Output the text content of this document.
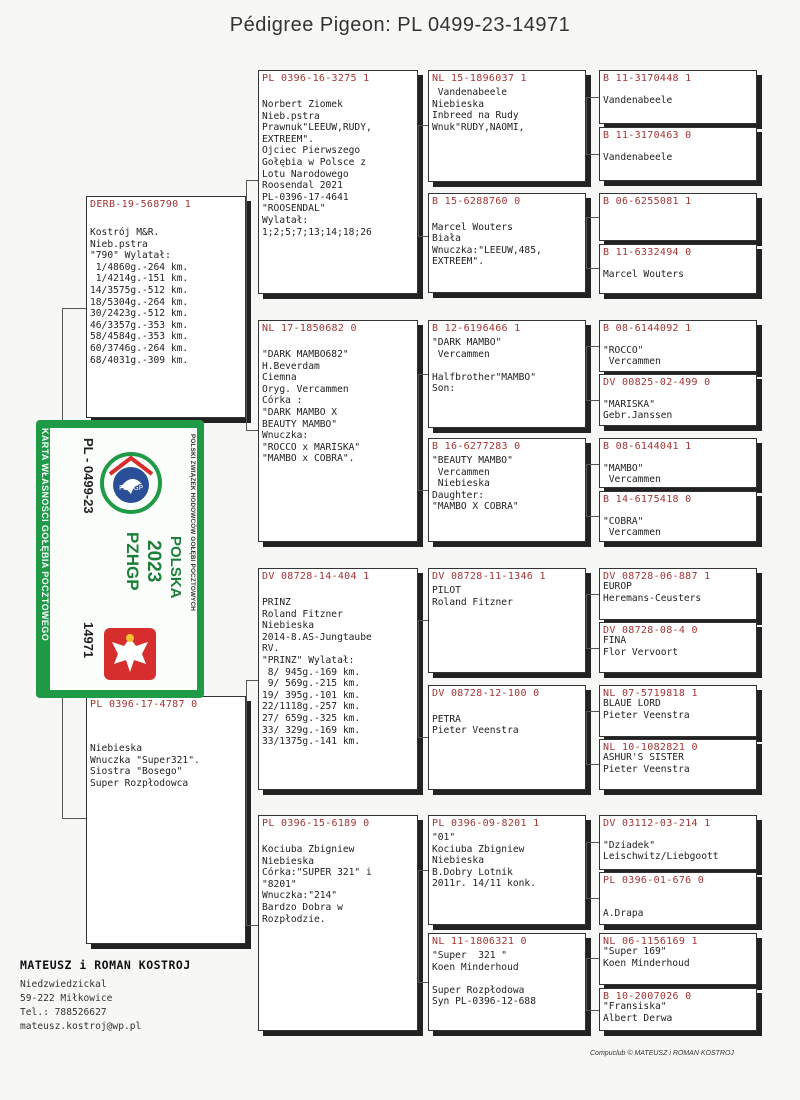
Pédigree Pigeon: PL 0499-23-14971
DERB-19-568790 1
Kostrój M&R.
Nieb.pstra
"790" Wylatał:
1/4860g.-264 km.
1/4214g.-151 km.
14/3575g.-512 km.
18/5304g.-264 km.
30/2423g.-512 km.
46/3357g.-353 km.
58/4584g.-353 km.
60/3746g.-264 km.
68/4031g.-309 km.
PL 0396-17-4787 0
Niebieska
Wnuczka "Super321".
Siostra "Bosego"
Super Rozpłodowca
PL 0396-16-3275 1
Norbert Ziomek
Nieb.pstra
Prawnuk"LEEUW,RUDY,
EXTREEM".
Ojciec Pierwszego
Gołębia w Polsce z
Lotu Narodowego
Roosendal 2021
PL-0396-17-4641
"ROOSENDAL"
Wylatał:
1;2;5;7;13;14;18;26
NL 17-1850682 0
"DARK MAMBO682"
H.Beverdam
Ciemna
Oryg. Vercammen
Córka :
"DARK MAMBO X
BEAUTY MAMBO"
Wnuczka:
"ROCCO x MARISKA"
"MAMBO x COBRA".
DV 08728-14-404 1
PRINZ
Roland Fitzner
Niebieska
2014-8.AS-Jungtaube
RV.
"PRINZ" Wylatał:
8/ 945g.-169 km.
9/ 569g.-215 km.
19/ 395g.-101 km.
22/1118g.-257 km.
27/ 659g.-325 km.
33/ 329g.-169 km.
33/1375g.-141 km.
PL 0396-15-6189 0
Kociuba Zbigniew
Niebieska
Córka:"SUPER 321" i
"8201"
Wnuczka:"214"
Bardzo Dobra w
Rozpłodzie.
NL 15-1896037 1
Vandenabeele
Niebieska
Inbreed na Rudy
Wnuk"RUDY,NAOMI,
B 15-6288760 0
Marcel Wouters
Biała
Wnuczka:"LEEUW,485,
EXTREEM".
B 12-6196466 1
"DARK MAMBO"
Vercammen
Halfbrother"MAMBO"
Son:
B 16-6277283 0
"BEAUTY MAMBO"
Vercammen
Niebieska
Daughter:
"MAMBO X COBRA"
DV 08728-11-1346 1
PILOT
Roland Fitzner
DV 08728-12-100 0
PETRA
Pieter Veenstra
PL 0396-09-8201 1
"01"
Kociuba Zbigniew
Niebieska
B.Dobry Lotnik
2011r. 14/11 konk.
NL 11-1806321 0
"Super  321 "
Koen Minderhoud
Super Rozpłodowa
Syn PL-0396-12-688
B 11-3170448 1
Vandenabeele
B 11-3170463 0
Vandenabeele
B 06-6255081 1
B 11-6332494 0
Marcel Wouters
B 08-6144092 1
"ROCCO"
Vercammen
DV 00825-02-499 0
"MARISKA"
Gebr.Janssen
B 08-6144041 1
"MAMBO"
Vercammen
B 14-6175418 0
"COBRA"
Vercammen
DV 08728-06-887 1
EUROP
Heremans-Ceusters
DV 08728-08-4 0
FINA
Flor Vervoort
NL 07-5719818 1
BLAUE LORD
Pieter Veenstra
NL 10-1082821 0
ASHUR'S SISTER
Pieter Veenstra
DV 03112-03-214 1
"Dziadek"
Leischwitz/Liebgoott
PL 0396-01-676 0
A.Drapa
NL 06-1156169 1
"Super 169"
Koen Minderhoud
B 10-2007026 0
"Fransiska"
Albert Derwa
POLSKI ZWIĄZEK HODOWCÓW GOŁĘBI POCZTOWYCH
POLSKA
2023
PZHGP
PL - 0499-23
14971
PZHGP
KARTA WŁASNOŚCI GOŁĘBIA POCZTOWEGO
MATEUSZ i ROMAN KOSTROJ
Niedzwiedzickal
59-222 Miłkowice
Tel.: 788526627
mateusz.kostroj@wp.pl
Compuclub © MATEUSZ i ROMAN KOSTROJ
